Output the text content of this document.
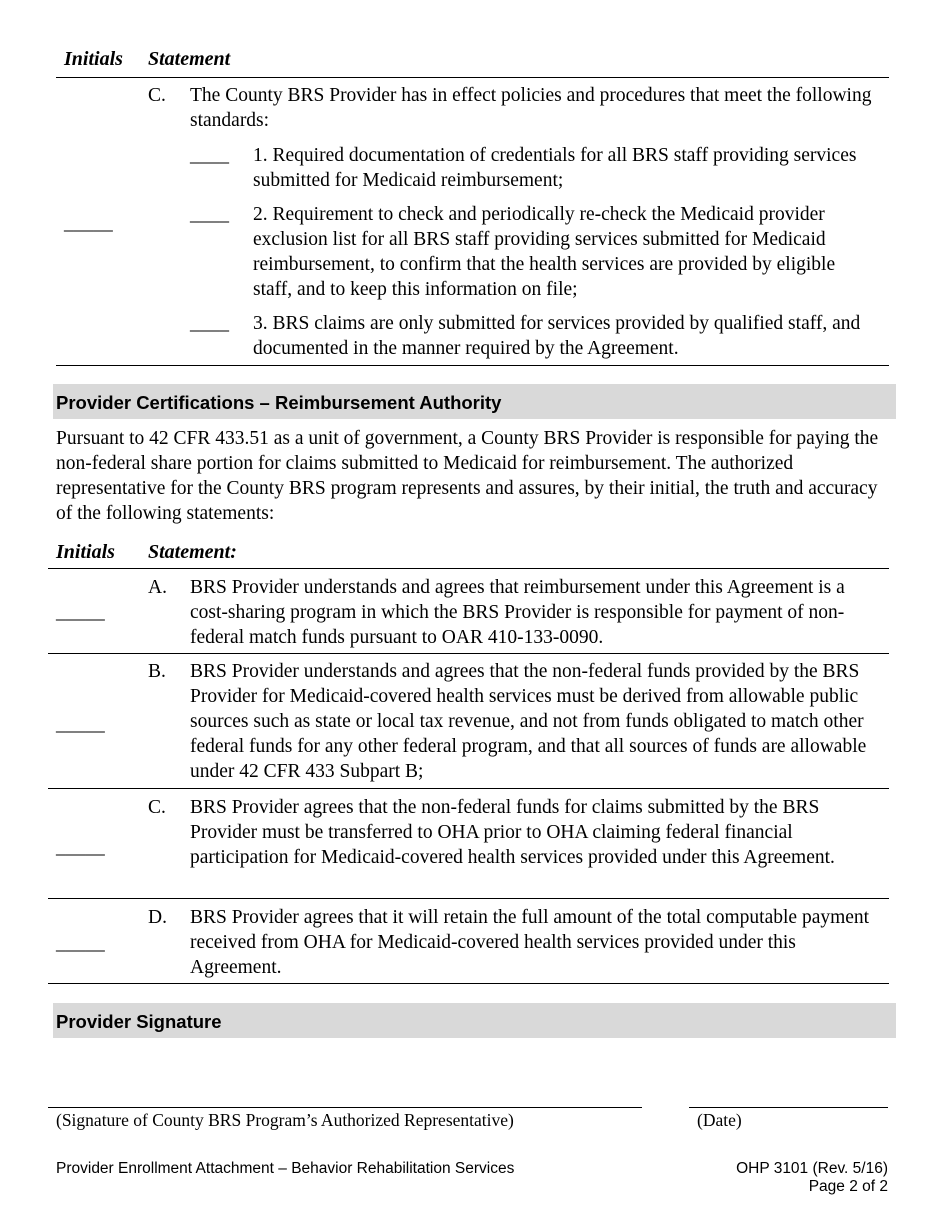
Initials Statement
_____
C. The County BRS Provider has in effect policies and procedures that meet the following standards:
____ 1. Required documentation of credentials for all BRS staff providing services submitted for Medicaid reimbursement;
____ 2. Requirement to check and periodically re-check the Medicaid provider exclusion list for all BRS staff providing services submitted for Medicaid reimbursement, to confirm that the health services are provided by eligible staff, and to keep this information on file;
____ 3. BRS claims are only submitted for services provided by qualified staff, and documented in the manner required by the Agreement.
Provider Certifications – Reimbursement Authority
Pursuant to 42 CFR 433.51 as a unit of government, a County BRS Provider is responsible for paying the non-federal share portion for claims submitted to Medicaid for reimbursement. The authorized representative for the County BRS program represents and assures, by their initial, the truth and accuracy of the following statements:
Initials Statement:
_____
A. BRS Provider understands and agrees that reimbursement under this Agreement is a cost-sharing program in which the BRS Provider is responsible for payment of non-federal match funds pursuant to OAR 410-133-0090.
_____
B. BRS Provider understands and agrees that the non-federal funds provided by the BRS Provider for Medicaid-covered health services must be derived from allowable public sources such as state or local tax revenue, and not from funds obligated to match other federal funds for any other federal program, and that all sources of funds are allowable under 42 CFR 433 Subpart B;
_____
C. BRS Provider agrees that the non-federal funds for claims submitted by the BRS Provider must be transferred to OHA prior to OHA claiming federal financial participation for Medicaid-covered health services provided under this Agreement.
_____
D. BRS Provider agrees that it will retain the full amount of the total computable payment received from OHA for Medicaid-covered health services provided under this Agreement.
Provider Signature
(Signature of County BRS Program’s Authorized Representative)	(Date)
Provider Enrollment Attachment – Behavior Rehabilitation Services	OHP 3101 (Rev. 5/16)
Page 2 of 2
